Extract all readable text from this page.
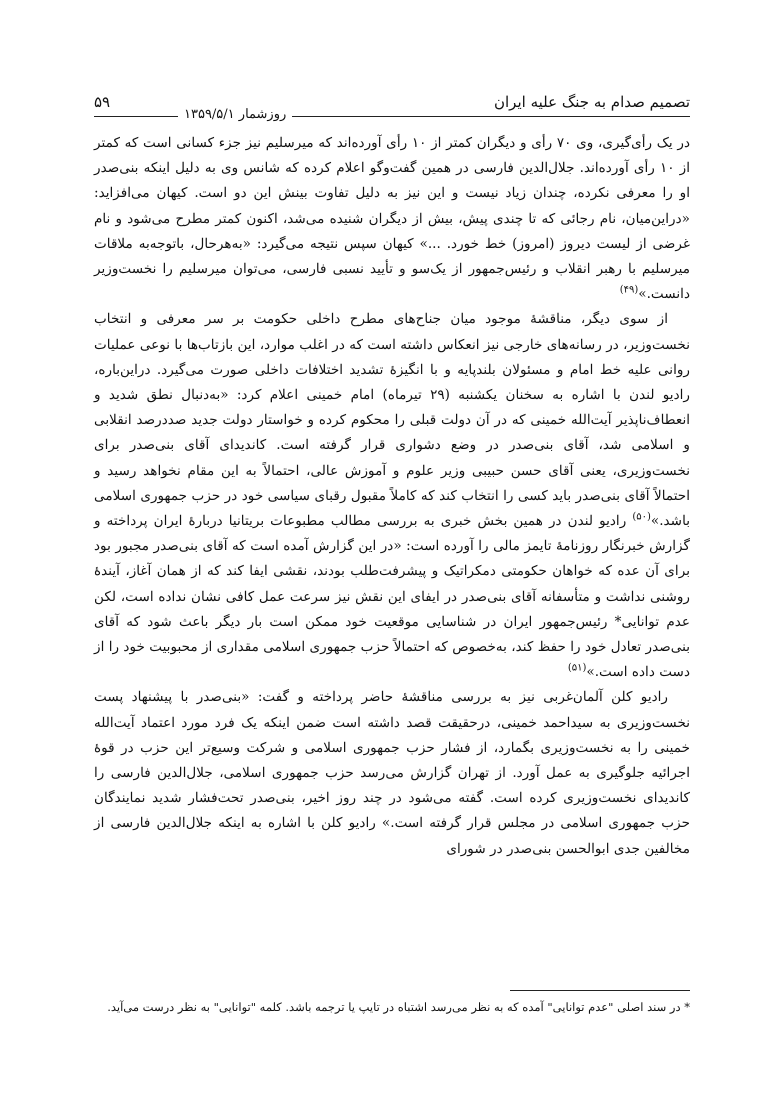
تصمیم صدام به جنگ علیه ایران
روزشمار ۱۳۵۹/۵/۱
۵۹

در یک رأی‌گیری، وی ۷۰ رأی و دیگران کمتر از ۱۰ رأی آورده‌اند که میرسلیم نیز جزء کسانی است که کمتر از ۱۰ رأی آورده‌اند. جلال‌الدین فارسی در همین گفت‌وگو اعلام کرده که شانس وی به دلیل اینکه بنی‌صدر او را معرفی نکرده، چندان زیاد نیست و این نیز به دلیل تفاوت بینش این دو است. کیهان می‌افزاید: «دراین‌میان، نام رجائی که تا چندی پیش، بیش از دیگران شنیده می‌شد، اکنون کمتر مطرح می‌شود و نام غرضی از لیست دیروز (امروز) خط خورد. ...» کیهان سپس نتیجه می‌گیرد: «به‌هرحال، باتوجه‌به ملاقات میرسلیم با رهبر انقلاب و رئیس‌جمهور از یک‌سو و تأیید نسبی فارسی، می‌توان میرسلیم را نخست‌وزیر دانست.»$^{(۴۹)}$

از سوی دیگر، مناقشهٔ موجود میان جناح‌های مطرح داخلی حکومت بر سر معرفی و انتخاب نخست‌وزیر، در رسانه‌های خارجی نیز انعکاس داشته است که در اغلب موارد، این بازتاب‌ها با نوعی عملیات روانی علیه خط امام و مسئولان بلندپایه و با انگیزهٔ تشدید اختلافات داخلی صورت می‌گیرد. دراین‌باره، رادیو لندن با اشاره به سخنان یکشنبه (۲۹ تیرماه) امام خمینی اعلام کرد: «به‌دنبال نطق شدید و انعطاف‌ناپذیر آیت‌الله خمینی که در آن دولت قبلی را محکوم کرده و خواستار دولت جدید صددرصد انقلابی و اسلامی شد، آقای بنی‌صدر در وضع دشواری قرار گرفته است. کاندیدای آقای بنی‌صدر برای نخست‌وزیری، یعنی آقای حسن حبیبی وزیر علوم و آموزش عالی، احتمالاً به این مقام نخواهد رسید و احتمالاً آقای بنی‌صدر باید کسی را انتخاب کند که کاملاً مقبول رقبای سیاسی خود در حزب جمهوری اسلامی باشد.»$^{(۵۰)}$ رادیو لندن در همین بخش خبری به بررسی مطالب مطبوعات بریتانیا دربارهٔ ایران پرداخته و گزارش خبرنگار روزنامهٔ تایمز مالی را آورده است: «در این گزارش آمده است که آقای بنی‌صدر مجبور بود برای آن عده که خواهان حکومتی دمکراتیک و پیشرفت‌طلب بودند، نقشی ایفا کند که از همان آغاز، آیندهٔ روشنی نداشت و متأسفانه آقای بنی‌صدر در ایفای این نقش نیز سرعت عمل کافی نشان نداده است، لکن عدم توانایی* رئیس‌جمهور ایران در شناسایی موقعیت خود ممکن است بار دیگر باعث شود که آقای بنی‌صدر تعادل خود را حفظ کند، به‌خصوص که احتمالاً حزب جمهوری اسلامی مقداری از محبوبیت خود را از دست داده است.»$^{(۵۱)}$

رادیو کلن آلمان‌غربی نیز به بررسی مناقشهٔ حاضر پرداخته و گفت: «بنی‌صدر با پیشنهاد پست نخست‌وزیری به سیداحمد خمینی، درحقیقت قصد داشته است ضمن اینکه یک فرد مورد اعتماد آیت‌الله خمینی را به نخست‌وزیری بگمارد، از فشار حزب جمهوری اسلامی و شرکت وسیع‌تر این حزب در قوهٔ اجرائیه جلوگیری به عمل آورد. از تهران گزارش می‌رسد حزب جمهوری اسلامی، جلال‌الدین فارسی را کاندیدای نخست‌وزیری کرده است. گفته می‌شود در چند روز اخیر، بنی‌صدر تحت‌فشار شدید نمایندگان حزب جمهوری اسلامی در مجلس قرار گرفته است.» رادیو کلن با اشاره به اینکه جلال‌الدین فارسی از مخالفین جدی ابوالحسن بنی‌صدر در شورای

* در سند اصلی "عدم توانایی" آمده که به نظر می‌رسد اشتباه در تایپ یا ترجمه باشد. کلمه "توانایی" به نظر درست می‌آید.
